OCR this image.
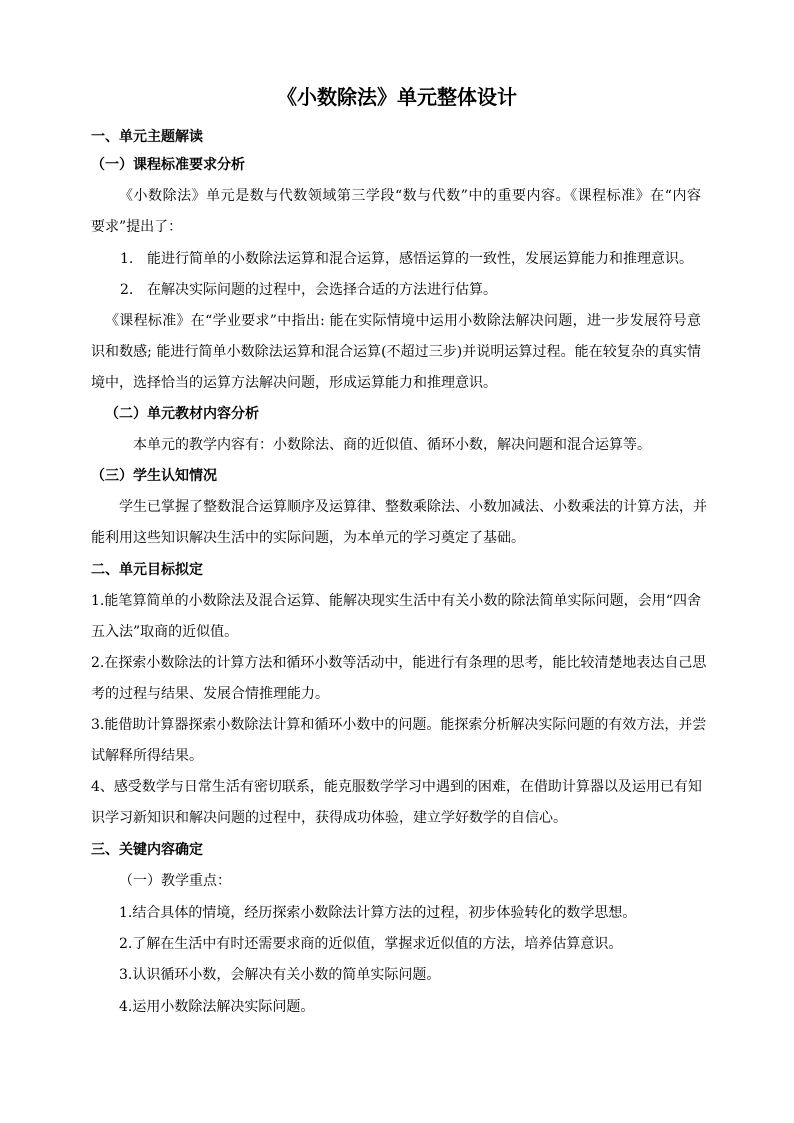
《小数除法》单元整体设计
一、单元主题解读
（一）课程标准要求分析
《小数除法》单元是数与代数领域第三学段“数与代数”中的重要内容。《课程标准》在“内容
要求”提出了：
1. 能进行简单的小数除法运算和混合运算，感悟运算的一致性，发展运算能力和推理意识。
2. 在解决实际问题的过程中，会选择合适的方法进行估算。
《课程标准》在“学业要求”中指出: 能在实际情境中运用小数除法解决问题，进一步发展符号意
识和数感; 能进行简单小数除法运算和混合运算(不超过三步)并说明运算过程。能在较复杂的真实情
境中，选择恰当的运算方法解决问题，形成运算能力和推理意识。
（二）单元教材内容分析
本单元的教学内容有：小数除法、商的近似值、循环小数，解决问题和混合运算等。
（三）学生认知情况
学生已掌握了整数混合运算顺序及运算律、整数乘除法、小数加减法、小数乘法的计算方法，并
能利用这些知识解决生活中的实际问题，为本单元的学习奠定了基础。
二、单元目标拟定
1.能笔算简单的小数除法及混合运算、能解决现实生活中有关小数的除法简单实际问题，会用“四舍
五入法”取商的近似值。
2.在探索小数除法的计算方法和循环小数等活动中，能进行有条理的思考，能比较清楚地表达自己思
考的过程与结果、发展合情推理能力。
3.能借助计算器探索小数除法计算和循环小数中的问题。能探索分析解决实际问题的有效方法，并尝
试解释所得结果。
4、感受数学与日常生活有密切联系，能克服数学学习中遇到的困难，在借助计算器以及运用已有知
识学习新知识和解决问题的过程中，获得成功体验，建立学好数学的自信心。
三、关键内容确定
（一）教学重点：
1.结合具体的情境，经历探索小数除法计算方法的过程，初步体验转化的数学思想。
2.了解在生活中有时还需要求商的近似值，掌握求近似值的方法，培养估算意识。
3.认识循环小数，会解决有关小数的简单实际问题。
4.运用小数除法解决实际问题。
